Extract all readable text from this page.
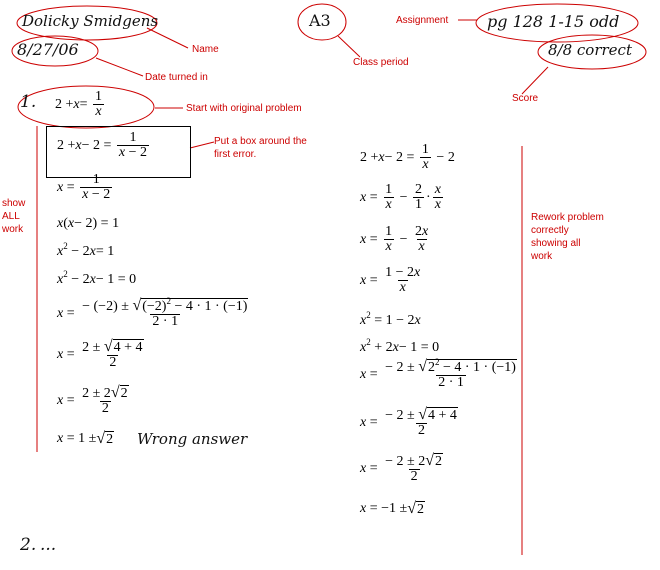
Dolicky Smidgens
8/27/06
A3	pg 128 1-15 odd
8/8 correct
Name
Date turned in
Class period
Assignment
Score
Start with original problem
Put a box around the
first error.
show
ALL
work
Rework problem
correctly
showing all
work
1.
2. ...
$2 + x = \frac{1}{x}$
$2 + x - 2 = \frac{1}{x - 2}$
$x = \frac{1}{x - 2}$
x ( x − 2) = 1
x 2 − 2 x = 1
x 2 − 2 x − 1 = 0
$x = \frac{- (-2) \pm √(-2)^2 - 4 \cdot 1 \cdot (-1)}{2 \cdot 1}$
$x = \frac{2 \pm √4 + 4}{2}$
$x = \frac{2 \pm 2√2}{2}$
x = 1 ± √ 2 Wrong answer
$2 + x - 2 = \frac{1}{x} - 2$
$x = \frac{1}{x} - \frac{2}{1} \cdot \frac{x}{x}$
$x = \frac{1}{x} - \frac{2x}{x}$
$x = \frac{1 - 2x}{x}$
x 2 = 1 − 2 x
x 2 + 2 x − 1 = 0
$x = \frac{- 2 \pm √2^2 - 4 \cdot 1 \cdot (-1)}{2 \cdot 1}$
$x = \frac{- 2 \pm √4 + 4}{2}$
$x = \frac{- 2 \pm 2√2}{2}$
x = −1 ± √ 2
